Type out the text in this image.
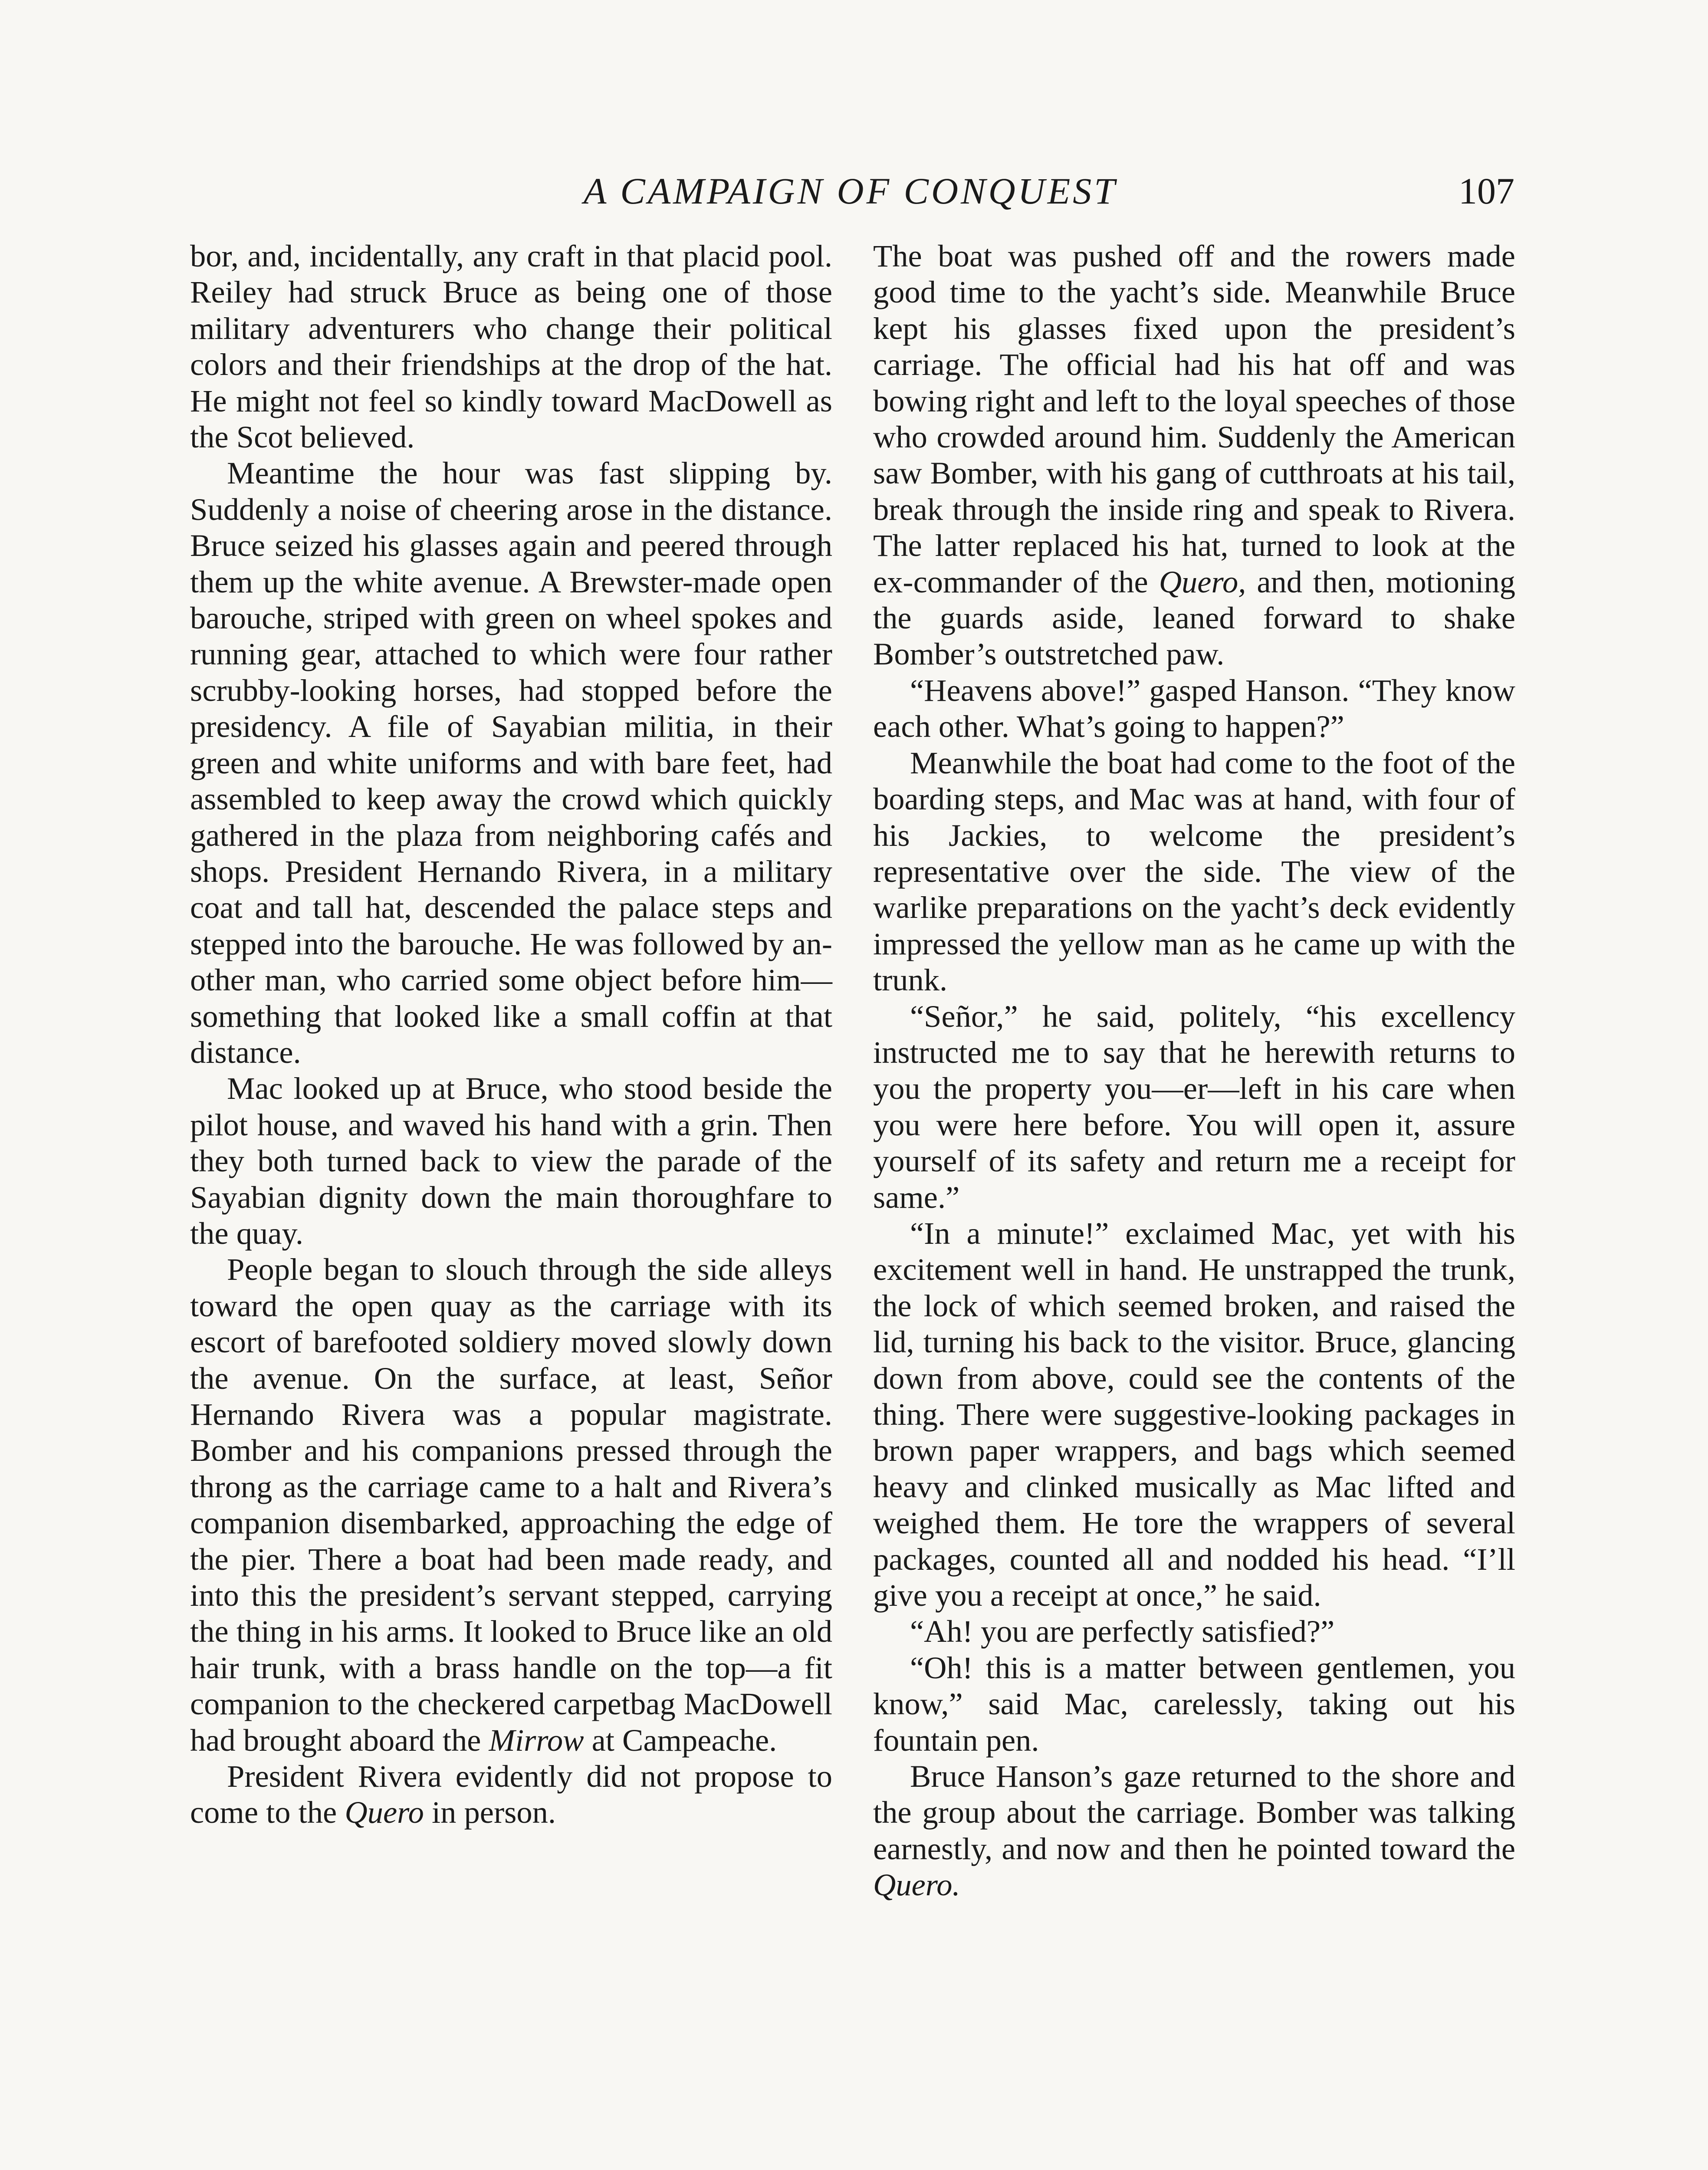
A CAMPAIGN OF CONQUEST	107

bor, and, incidentally, any craft in that placid pool. Reiley had struck Bruce as being one of those military adventurers who change their political colors and their friendships at the drop of the hat. He might not feel so kindly toward MacDowell as the Scot believed.

Meantime the hour was fast slipping by. Suddenly a noise of cheering arose in the distance. Bruce seized his glasses again and peered through them up the white avenue. A Brewster-made open barouche, striped with green on wheel spokes and running gear, attached to which were four rather scrubby-looking horses, had stopped before the presidency. A file of Sayabian militia, in their green and white uniforms and with bare feet, had assembled to keep away the crowd which quickly gathered in the plaza from neighboring cafés and shops. President Hernando Rivera, in a military coat and tall hat, descended the palace steps and stepped into the barouche. He was followed by another man, who carried some object before him—something that looked like a small coffin at that distance.

Mac looked up at Bruce, who stood beside the pilot house, and waved his hand with a grin. Then they both turned back to view the parade of the Sayabian dignity down the main thoroughfare to the quay.

People began to slouch through the side alleys toward the open quay as the carriage with its escort of barefooted soldiery moved slowly down the avenue. On the surface, at least, Señor Hernando Rivera was a popular magistrate. Bomber and his companions pressed through the throng as the carriage came to a halt and Rivera’s companion disembarked, approaching the edge of the pier. There a boat had been made ready, and into this the president’s servant stepped, carrying the thing in his arms. It looked to Bruce like an old hair trunk, with a brass handle on the top—a fit companion to the checkered carpetbag MacDowell had brought aboard the Mirrow at Campeache.

President Rivera evidently did not propose to come to the Quero in person.

The boat was pushed off and the rowers made good time to the yacht’s side. Meanwhile Bruce kept his glasses fixed upon the president’s carriage. The official had his hat off and was bowing right and left to the loyal speeches of those who crowded around him. Suddenly the American saw Bomber, with his gang of cutthroats at his tail, break through the inside ring and speak to Rivera. The latter replaced his hat, turned to look at the ex-commander of the Quero, and then, motioning the guards aside, leaned forward to shake Bomber’s outstretched paw.

“Heavens above!” gasped Hanson. “They know each other. What’s going to happen?”

Meanwhile the boat had come to the foot of the boarding steps, and Mac was at hand, with four of his Jackies, to welcome the president’s representative over the side. The view of the warlike preparations on the yacht’s deck evidently impressed the yellow man as he came up with the trunk.

“Señor,” he said, politely, “his excellency instructed me to say that he herewith returns to you the property you—er—left in his care when you were here before. You will open it, assure yourself of its safety and return me a receipt for same.”

“In a minute!” exclaimed Mac, yet with his excitement well in hand. He unstrapped the trunk, the lock of which seemed broken, and raised the lid, turning his back to the visitor. Bruce, glancing down from above, could see the contents of the thing. There were suggestive-looking packages in brown paper wrappers, and bags which seemed heavy and clinked musically as Mac lifted and weighed them. He tore the wrappers of several packages, counted all and nodded his head. “I’ll give you a receipt at once,” he said.

“Ah! you are perfectly satisfied?”

“Oh! this is a matter between gentlemen, you know,” said Mac, carelessly, taking out his fountain pen.

Bruce Hanson’s gaze returned to the shore and the group about the carriage. Bomber was talking earnestly, and now and then he pointed toward the Quero.
